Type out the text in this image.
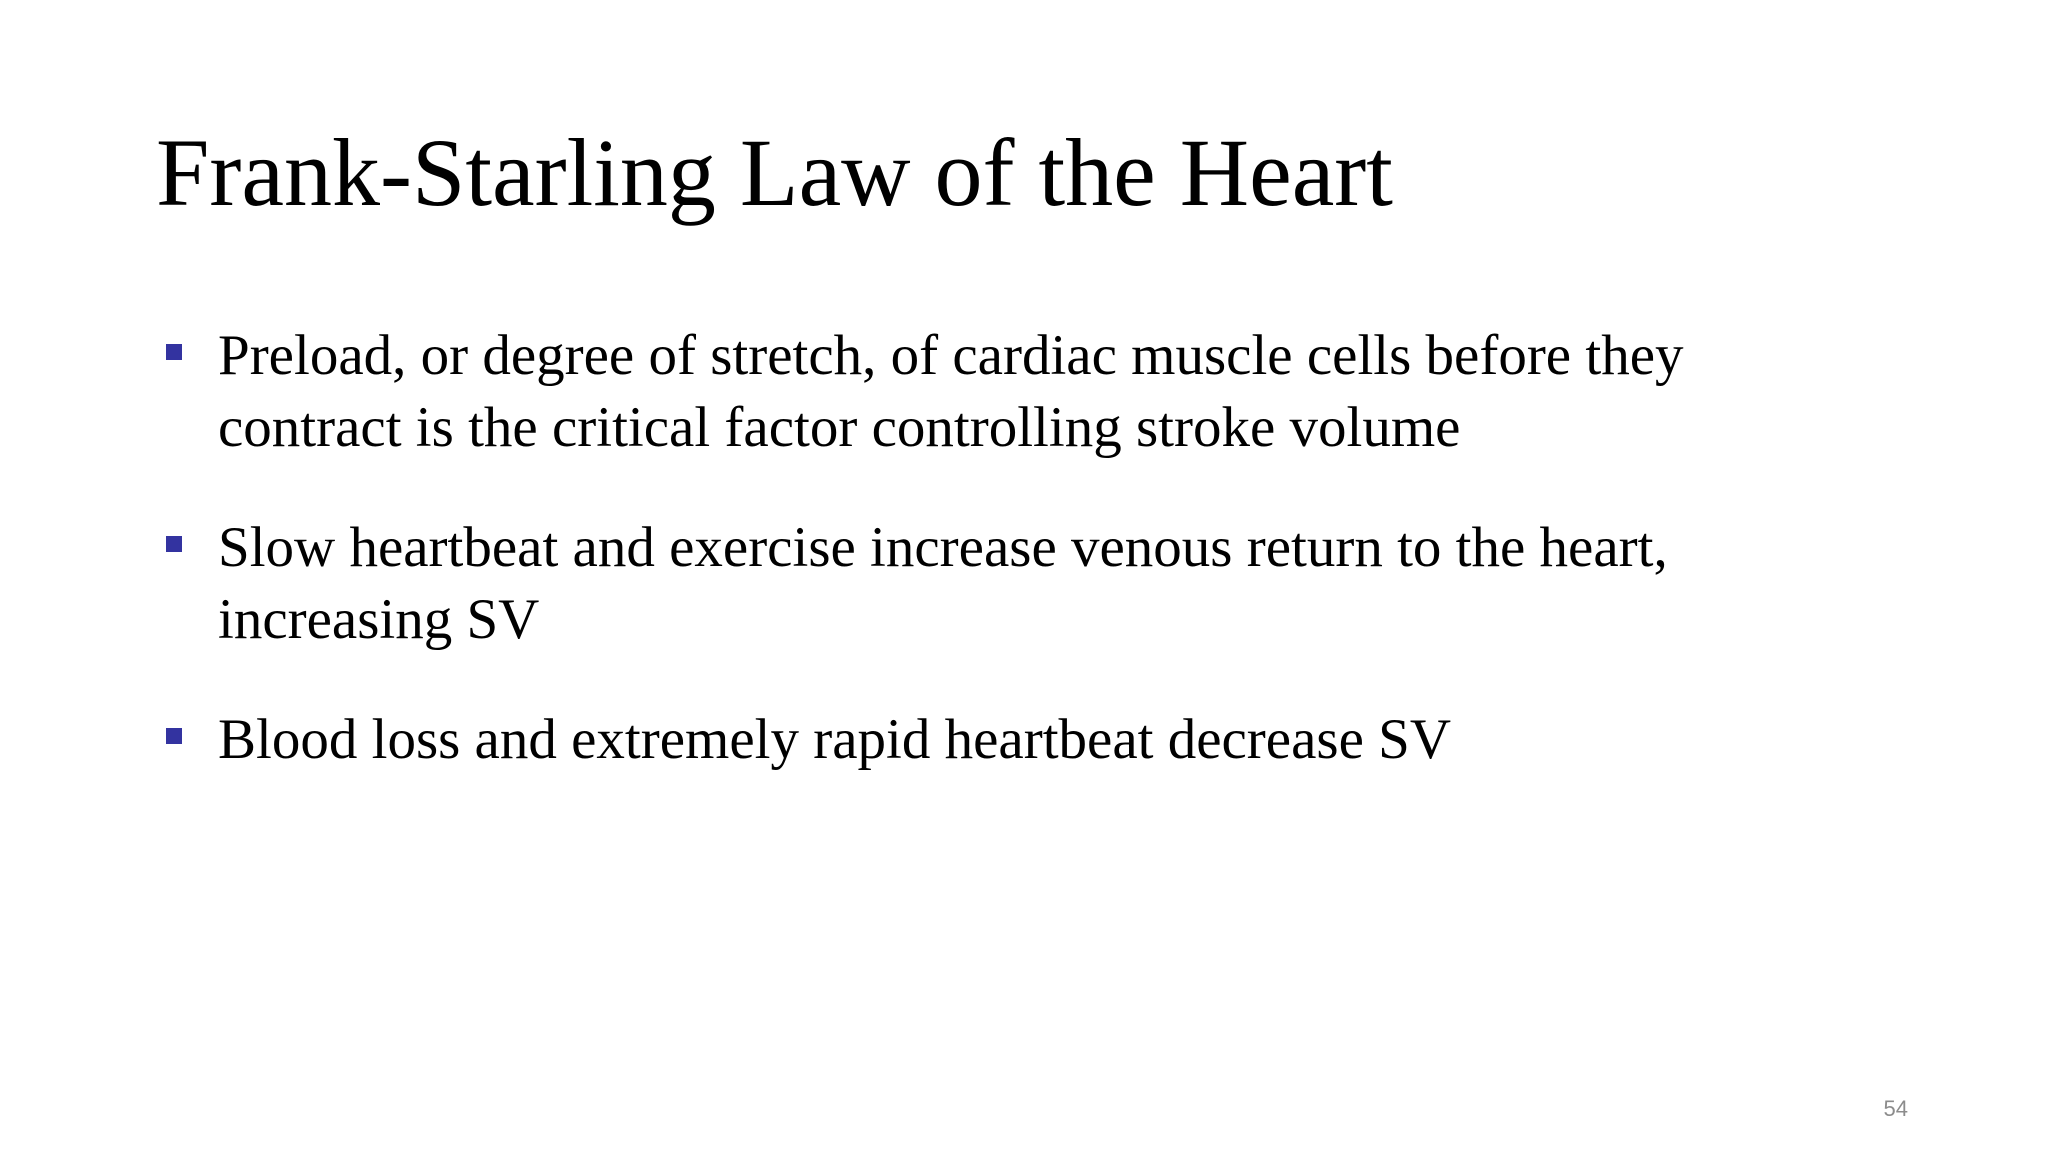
Frank-Starling Law of the Heart
Preload, or degree of stretch, of cardiac muscle cells before they contract is the critical factor controlling stroke volume
Slow heartbeat and exercise increase venous return to the heart, increasing SV
Blood loss and extremely rapid heartbeat decrease SV
54
